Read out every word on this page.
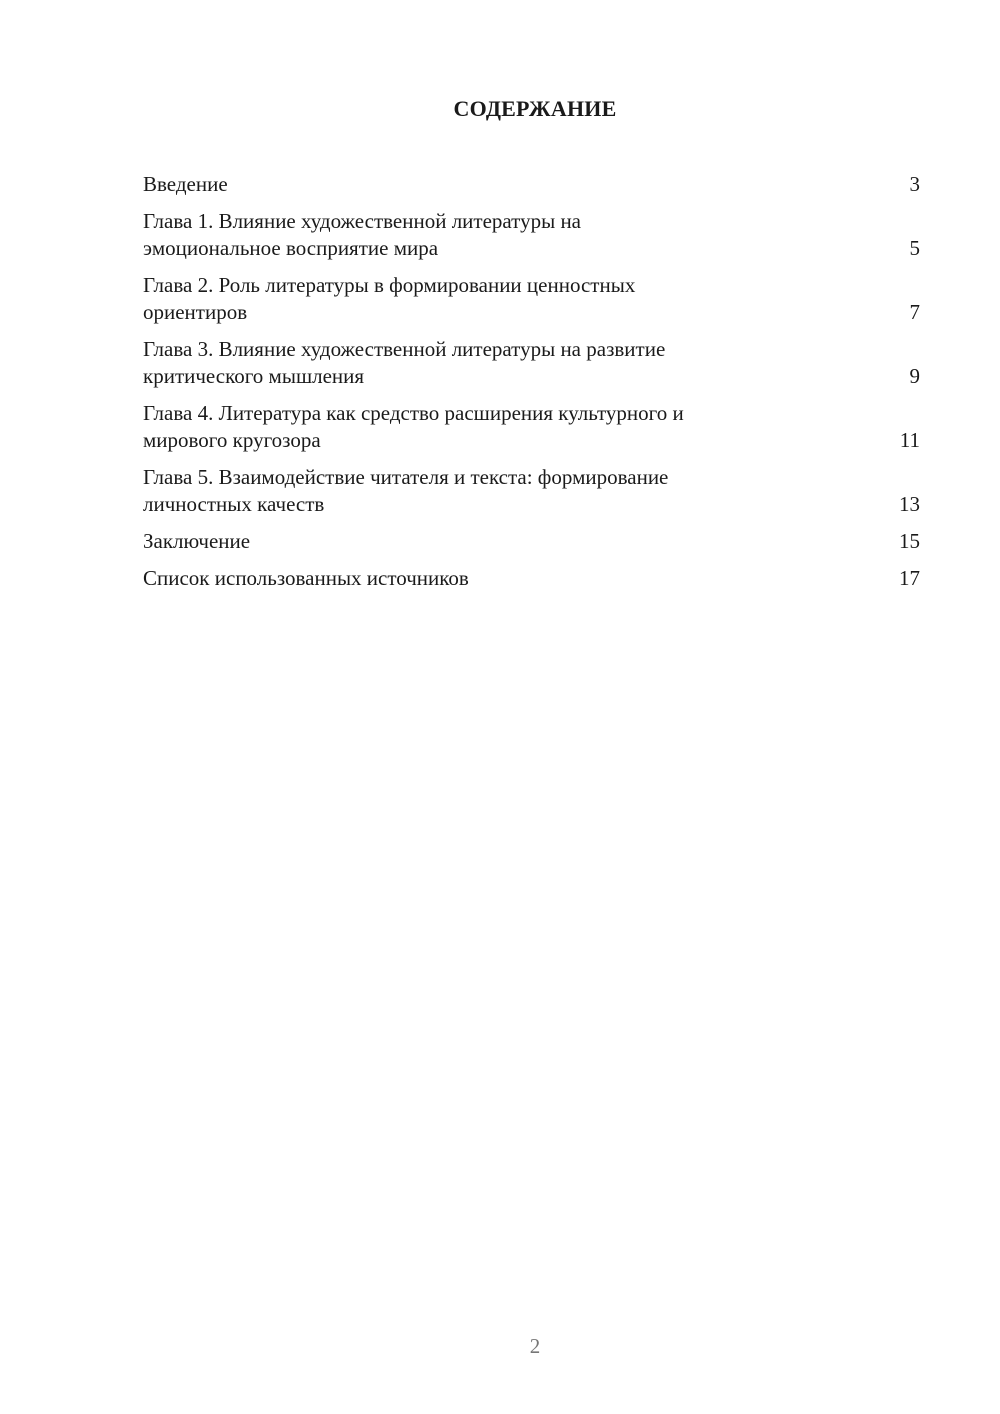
СОДЕРЖАНИЕ
Введение	3
Глава 1. Влияние художественной литературы на
эмоциональное восприятие мира	5
Глава 2. Роль литературы в формировании ценностных
ориентиров	7
Глава 3. Влияние художественной литературы на развитие
критического мышления	9
Глава 4. Литература как средство расширения культурного и
мирового кругозора	11
Глава 5. Взаимодействие читателя и текста: формирование
личностных качеств	13
Заключение	15
Список использованных источников	17
2
